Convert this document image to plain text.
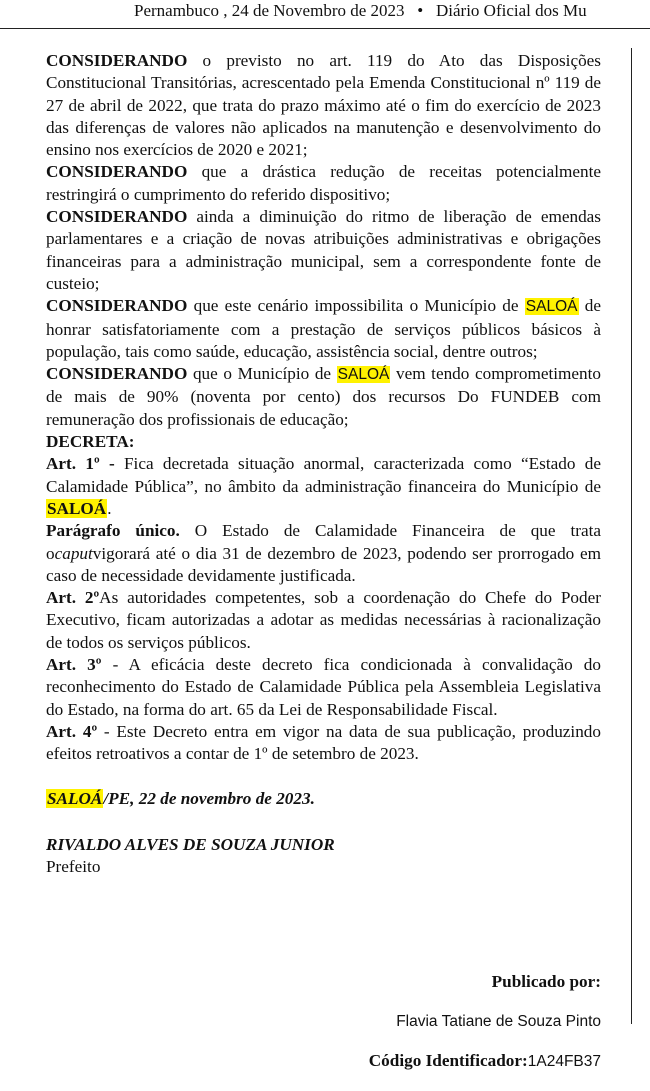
Pernambuco , 24 de Novembro de 2023 • Diário Oficial dos Mu

CONSIDERANDO o previsto no art. 119 do Ato das Disposições Constitucional Transitórias, acrescentado pela Emenda Constitucional nº 119 de 27 de abril de 2022, que trata do prazo máximo até o fim do exercício de 2023 das diferenças de valores não aplicados na manutenção e desenvolvimento do ensino nos exercícios de 2020 e 2021;

CONSIDERANDO que a drástica redução de receitas potencialmente restringirá o cumprimento do referido dispositivo;

CONSIDERANDO ainda a diminuição do ritmo de liberação de emendas parlamentares e a criação de novas atribuições administrativas e obrigações financeiras para a administração municipal, sem a correspondente fonte de custeio;

CONSIDERANDO que este cenário impossibilita o Município de SALOÁ de honrar satisfatoriamente com a prestação de serviços públicos básicos à população, tais como saúde, educação, assistência social, dentre outros;

CONSIDERANDO que o Município de SALOÁ vem tendo comprometimento de mais de 90% (noventa por cento) dos recursos Do FUNDEB com remuneração dos profissionais de educação;

DECRETA:

Art. 1º - Fica decretada situação anormal, caracterizada como “Estado de Calamidade Pública”, no âmbito da administração financeira do Município de SALOÁ.

Parágrafo único. O Estado de Calamidade Financeira de que trata ocaputvigorará até o dia 31 de dezembro de 2023, podendo ser prorrogado em caso de necessidade devidamente justificada.

Art. 2ºAs autoridades competentes, sob a coordenação do Chefe do Poder Executivo, ficam autorizadas a adotar as medidas necessárias à racionalização de todos os serviços públicos.

Art. 3º - A eficácia deste decreto fica condicionada à convalidação do reconhecimento do Estado de Calamidade Pública pela Assembleia Legislativa do Estado, na forma do art. 65 da Lei de Responsabilidade Fiscal.

Art. 4º - Este Decreto entra em vigor na data de sua publicação, produzindo efeitos retroativos a contar de 1º de setembro de 2023.

SALOÁ/PE, 22 de novembro de 2023.

RIVALDO ALVES DE SOUZA JUNIOR

Prefeito

Publicado por:

Flavia Tatiane de Souza Pinto

Código Identificador:1A24FB37
